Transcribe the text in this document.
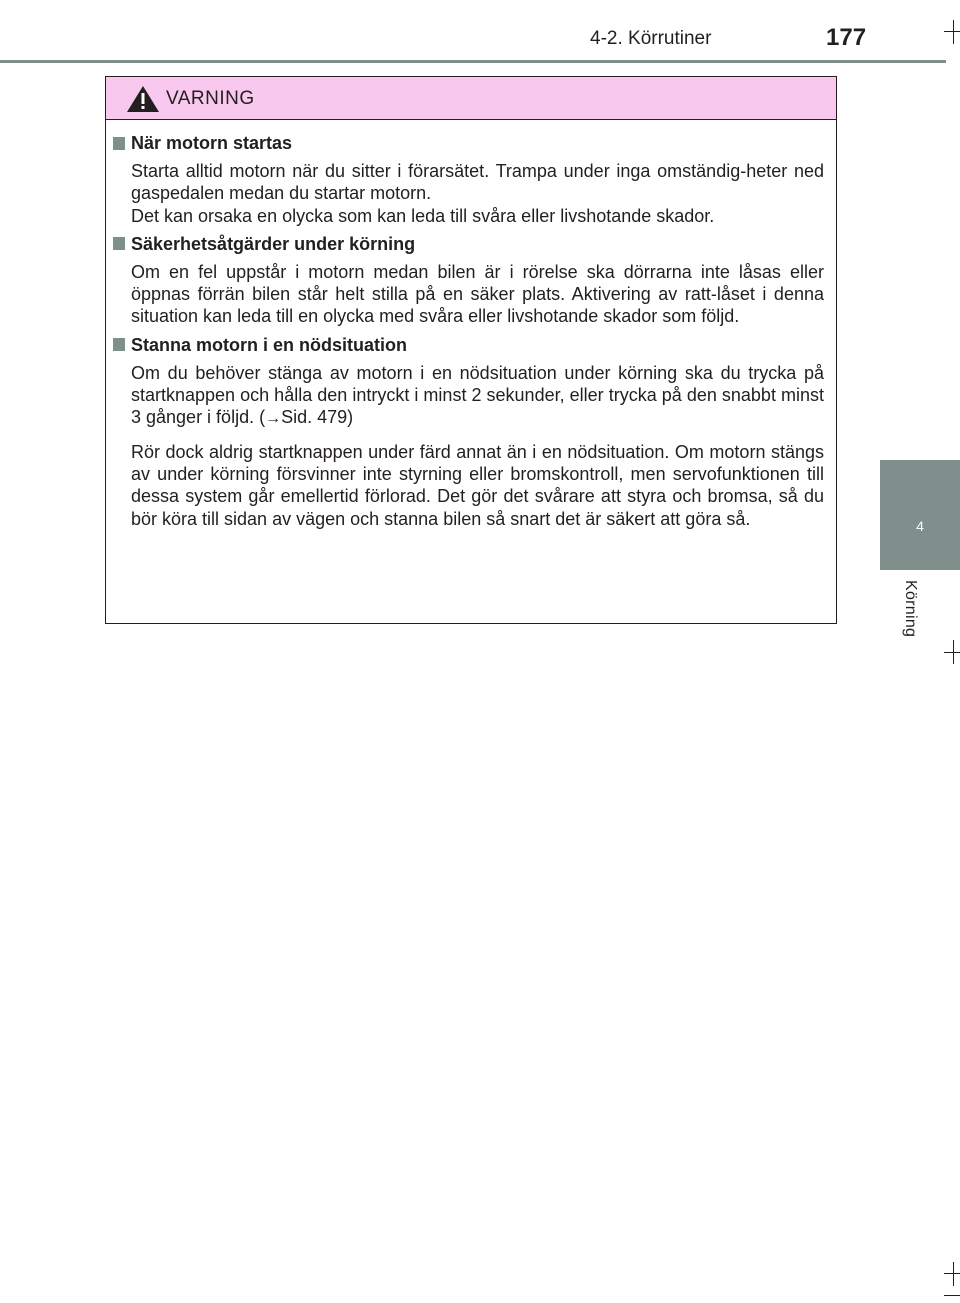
4-2. Körrutiner	177
4
Körning
VARNING
När motorn startas
Starta alltid motorn när du sitter i förarsätet. Trampa under inga omständig-heter ned gaspedalen medan du startar motorn.
Det kan orsaka en olycka som kan leda till svåra eller livshotande skador.
Säkerhetsåtgärder under körning
Om en fel uppstår i motorn medan bilen är i rörelse ska dörrarna inte låsas eller öppnas förrän bilen står helt stilla på en säker plats. Aktivering av ratt-låset i denna situation kan leda till en olycka med svåra eller livshotande skador som följd.
Stanna motorn i en nödsituation
Om du behöver stänga av motorn i en nödsituation under körning ska du trycka på startknappen och hålla den intryckt i minst 2 sekunder, eller trycka på den snabbt minst 3 gånger i följd. (→Sid. 479)
Rör dock aldrig startknappen under färd annat än i en nödsituation. Om motorn stängs av under körning försvinner inte styrning eller bromskontroll, men servofunktionen till dessa system går emellertid förlorad. Det gör det svårare att styra och bromsa, så du bör köra till sidan av vägen och stanna bilen så snart det är säkert att göra så.
